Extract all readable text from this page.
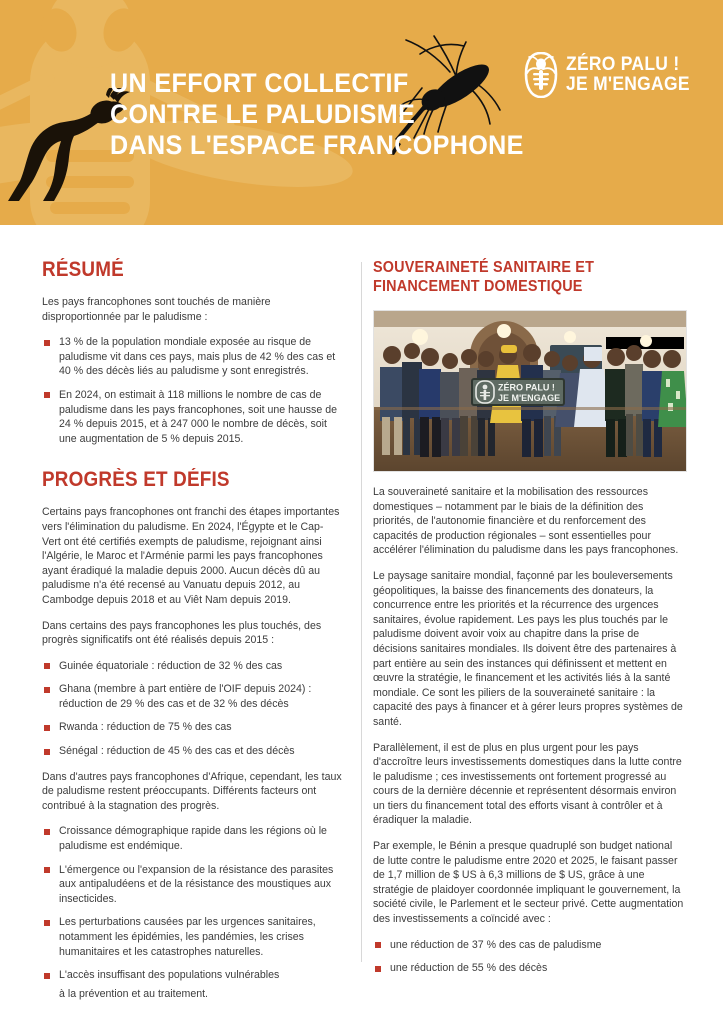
UN EFFORT COLLECTIF
CONTRE LE PALUDISME
DANS L'ESPACE FRANCOPHONE
ZÉRO PALU !
JE M'ENGAGE
RÉSUMÉ

Les pays francophones sont touchés de manière disproportionnée par le paludisme :

13 % de la population mondiale exposée au risque de paludisme vit dans ces pays, mais plus de 42 % des cas et 40 % des décès liés au paludisme y sont enregistrés.
En 2024, on estimait à 118 millions le nombre de cas de paludisme dans les pays francophones, soit une hausse de 24 % depuis 2015, et à 247 000 le nombre de décès, soit une augmentation de 5 % depuis 2015.
PROGRÈS ET DÉFIS

Certains pays francophones ont franchi des étapes importantes vers l'élimination du paludisme. En 2024, l'Égypte et le Cap-Vert ont été certifiés exempts de paludisme, rejoignant ainsi l'Algérie, le Maroc et l'Arménie parmi les pays francophones ayant éradiqué la maladie depuis 2000. Aucun décès dû au paludisme n'a été recensé au Vanuatu depuis 2012, au Cambodge depuis 2018 et au Viêt Nam depuis 2019.

Dans certains des pays francophones les plus touchés, des progrès significatifs ont été réalisés depuis 2015 :

Guinée équatoriale : réduction de 32 % des cas
Ghana (membre à part entière de l'OIF depuis 2024) : réduction de 29 % des cas et de 32 % des décès
Rwanda : réduction de 75 % des cas
Sénégal : réduction de 45 % des cas et des décès

Dans d'autres pays francophones d'Afrique, cependant, les taux de paludisme restent préoccupants. Différents facteurs ont contribué à la stagnation des progrès.

Croissance démographique rapide dans les régions où le paludisme est endémique.
L'émergence ou l'expansion de la résistance des parasites aux antipaludéens et de la résistance des moustiques aux insecticides.
Les perturbations causées par les urgences sanitaires, notamment les épidémies, les pandémies, les crises humanitaires et les catastrophes naturelles.
L'accès insuffisant des populations vulnérables
à la prévention et au traitement.
SOUVERAINETÉ SANITAIRE ET
FINANCEMENT DOMESTIQUE
ZÉRO PALU !
JE M'ENGAGE

La souveraineté sanitaire et la mobilisation des ressources domestiques – notamment par le biais de la définition des priorités, de l'autonomie financière et du renforcement des capacités de production régionales – sont essentielles pour accélérer l'élimination du paludisme dans les pays francophones.

Le paysage sanitaire mondial, façonné par les bouleversements géopolitiques, la baisse des financements des donateurs, la concurrence entre les priorités et la récurrence des urgences sanitaires, évolue rapidement. Les pays les plus touchés par le paludisme doivent avoir voix au chapitre dans la prise de décisions sanitaires mondiales. Ils doivent être des partenaires à part entière au sein des instances qui définissent et mettent en œuvre la stratégie, le financement et les activités liés à la santé mondiale. Ce sont les piliers de la souveraineté sanitaire : la capacité des pays à financer et à gérer leurs propres systèmes de santé.

Parallèlement, il est de plus en plus urgent pour les pays d'accroître leurs investissements domestiques dans la lutte contre le paludisme ; ces investissements ont fortement progressé au cours de la dernière décennie et représentent désormais environ un tiers du financement total des efforts visant à contrôler et à éradiquer la maladie.

Par exemple, le Bénin a presque quadruplé son budget national de lutte contre le paludisme entre 2020 et 2025, le faisant passer de 1,7 million de $ US à 6,3 millions de $ US, grâce à une stratégie de plaidoyer coordonnée impliquant le gouvernement, la société civile, le Parlement et le secteur privé. Cette augmentation des investissements a coïncidé avec :

une réduction de 37 % des cas de paludisme
une réduction de 55 % des décès
